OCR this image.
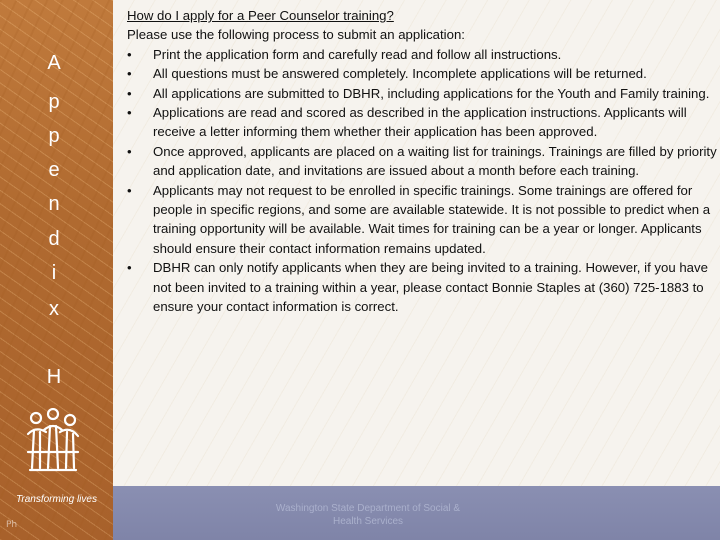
A
p
p
e
n
d
i
x
H
Transforming lives
Ph
How do I apply for a Peer Counselor training?
Please use the following process to submit an application:
•	Print the application form and carefully read and follow all instructions.
•	All questions must be answered completely. Incomplete applications will be returned.
•	All applications are submitted to DBHR, including applications for the Youth and Family training.
•	Applications are read and scored as described in the application instructions. Applicants will receive a letter informing them whether their application has been approved.
•	Once approved, applicants are placed on a waiting list for trainings. Trainings are filled by priority and application date, and invitations are issued about a month before each training.
•	Applicants may not request to be enrolled in specific trainings. Some trainings are offered for people in specific regions, and some are available statewide. It is not possible to predict when a training opportunity will be available. Wait times for training can be a year or longer. Applicants should ensure their contact information remains updated.
•	DBHR can only notify applicants when they are being invited to a training. However, if you have not been invited to a training within a year, please contact Bonnie Staples at (360) 725-1883 to ensure your contact information is correct.
Washington State Department of Social &
Health Services
